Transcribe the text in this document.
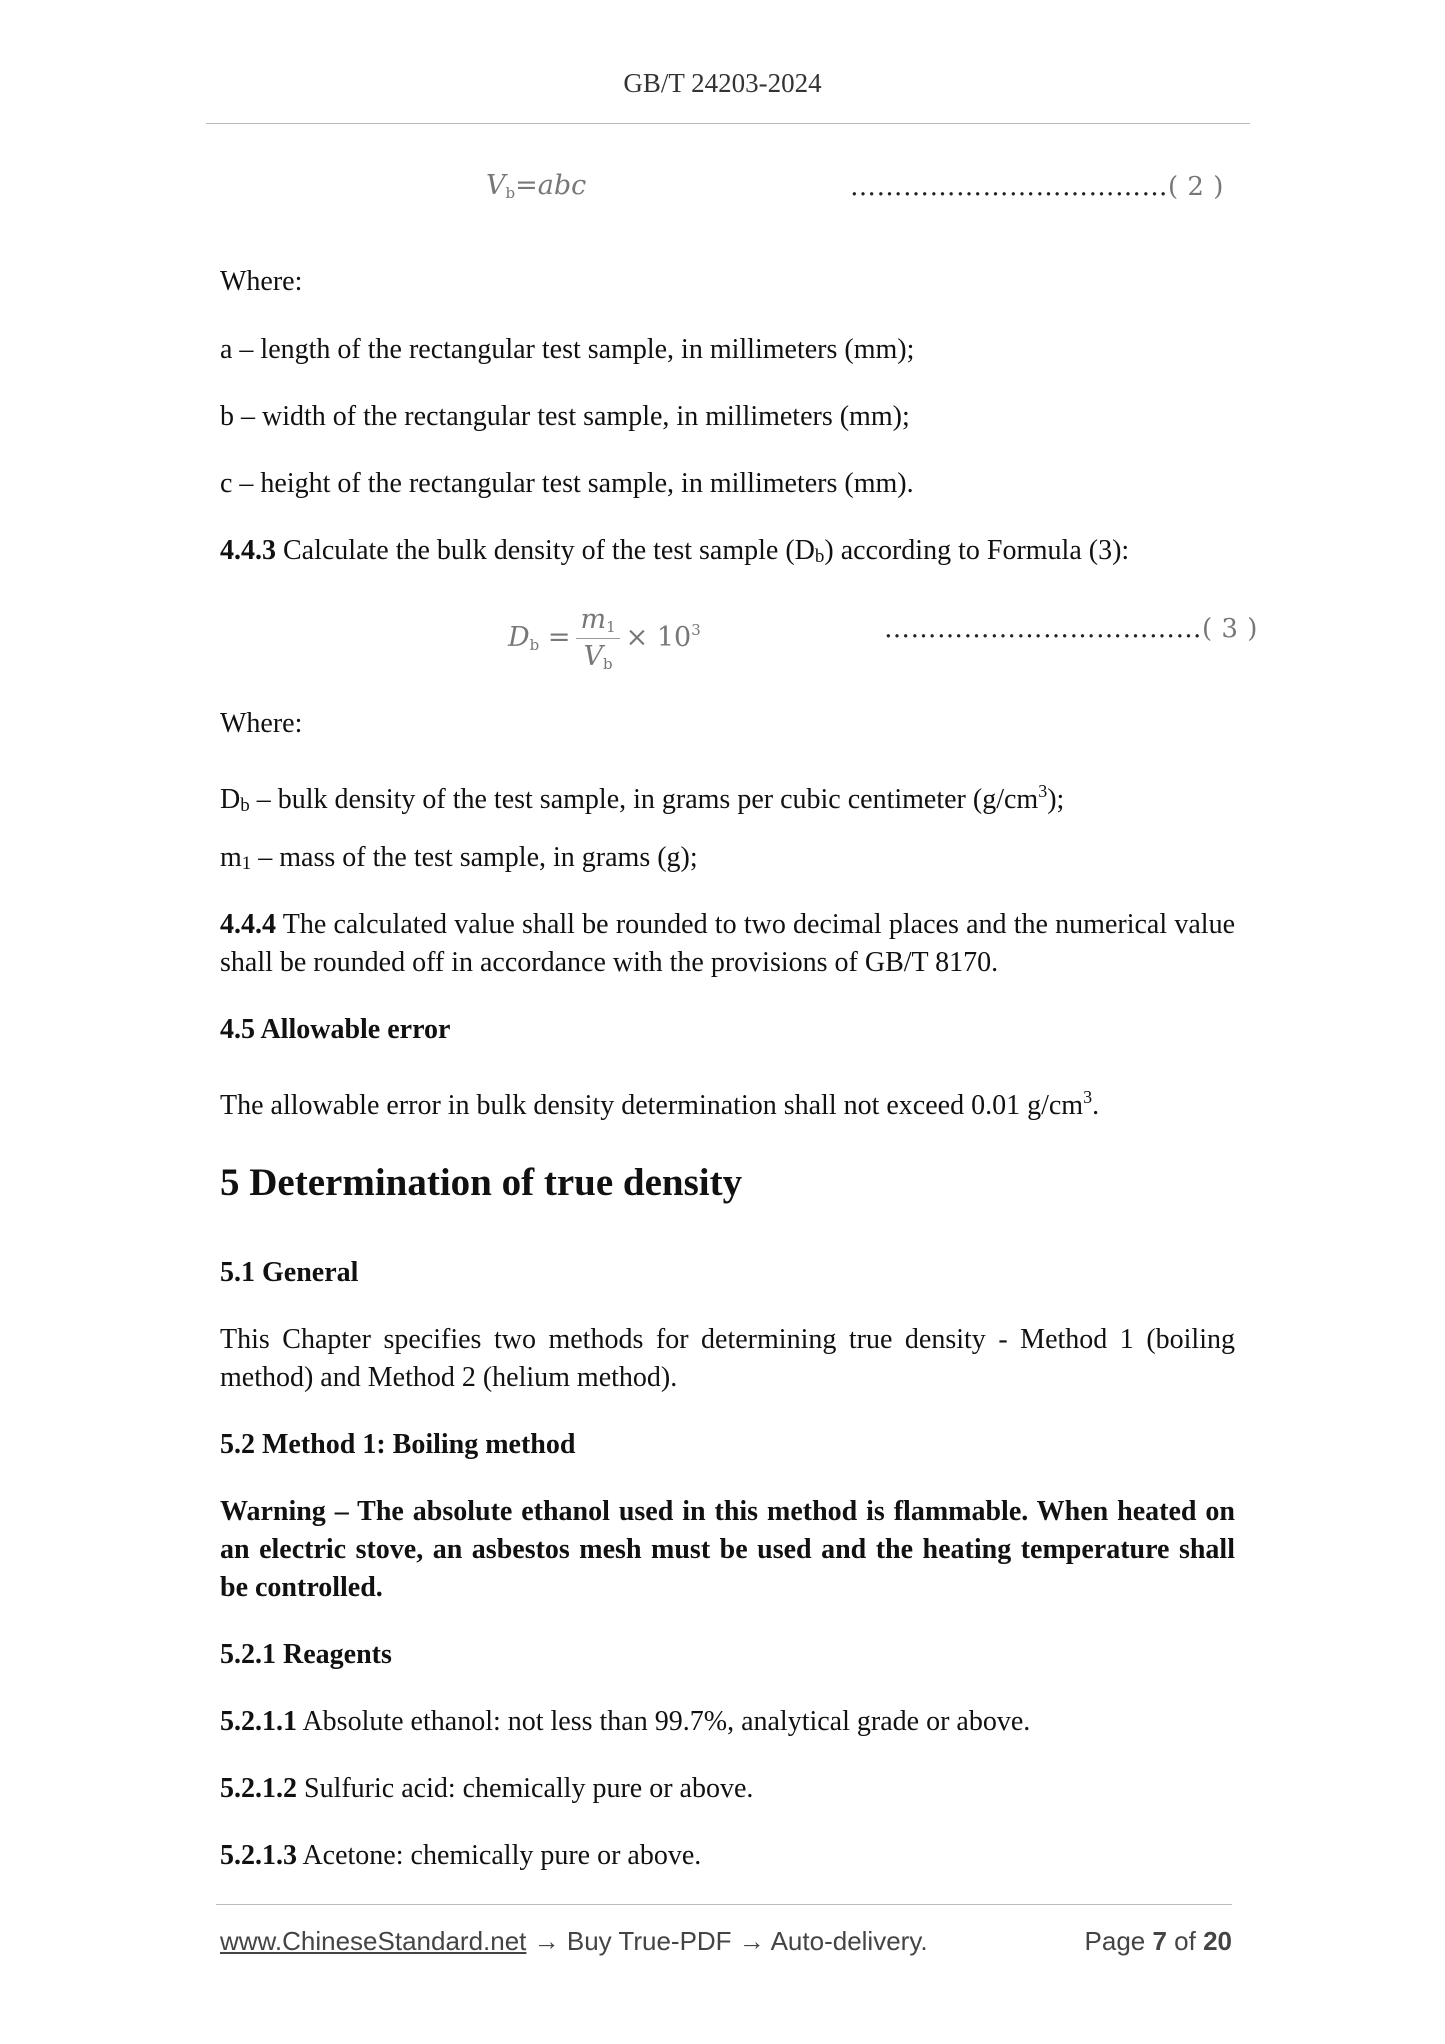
GB/T 24203-2024
$V_b=abc$	………………………………( 2 )
Where:
a – length of the rectangular test sample, in millimeters (mm);
b – width of the rectangular test sample, in millimeters (mm);
c – height of the rectangular test sample, in millimeters (mm).
4.4.3 Calculate the bulk density of the test sample (Db) according to Formula (3):
$D_b = \frac{m_1}{V_b} \times 10^3$	………………………………( 3 )
Where:
Db – bulk density of the test sample, in grams per cubic centimeter $(g/cm^3)$;
m1 – mass of the test sample, in grams (g);
4.4.4 The calculated value shall be rounded to two decimal places and the numerical value shall be rounded off in accordance with the provisions of GB/T 8170.
4.5 Allowable error
The allowable error in bulk density determination shall not exceed 0.01 $g/cm^3$.
5 Determination of true density
5.1 General
This Chapter specifies two methods for determining true density - Method 1 (boiling method) and Method 2 (helium method).
5.2 Method 1: Boiling method
Warning – The absolute ethanol used in this method is flammable. When heated on an electric stove, an asbestos mesh must be used and the heating temperature shall be controlled.
5.2.1 Reagents
5.2.1.1 Absolute ethanol: not less than 99.7%, analytical grade or above.
5.2.1.2 Sulfuric acid: chemically pure or above.
5.2.1.3 Acetone: chemically pure or above.
www.ChineseStandard.net → Buy True-PDF → Auto-delivery.	Page 7 of 20
